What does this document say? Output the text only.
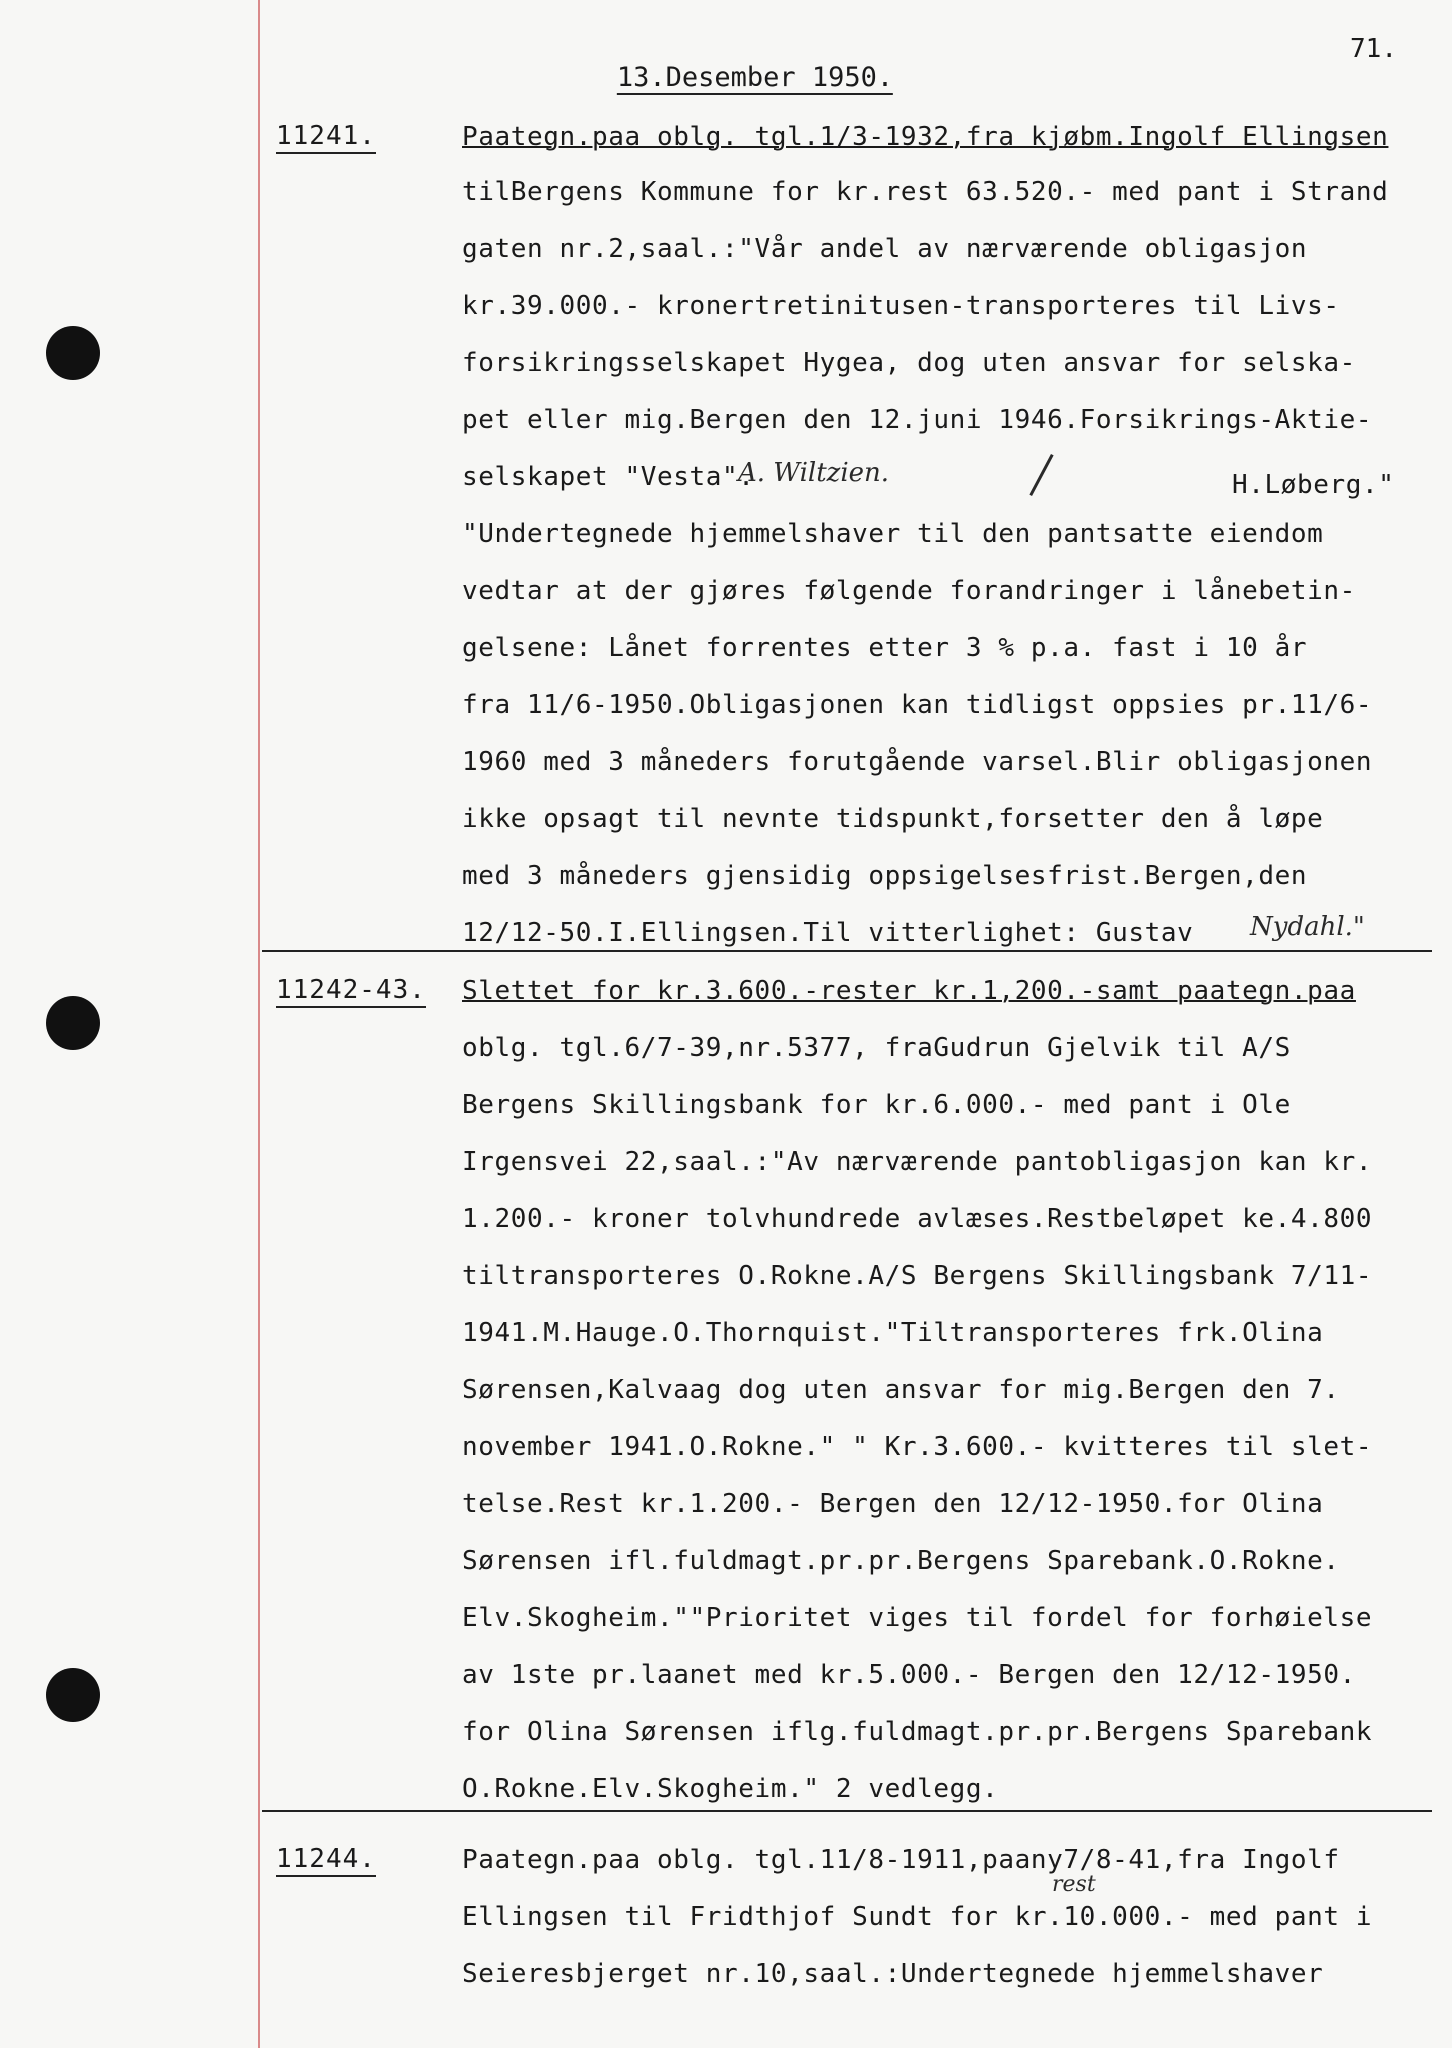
71.
13.Desember 1950.
11241.	Paategn.paa oblg. tgl.1/3-1932,fra kjøbm.Ingolf Ellingsen
tilBergens Kommune for kr.rest 63.520.- med pant i Strand
gaten nr.2,saal.:"Vår andel av nærværende obligasjon
kr.39.000.- kronertretinitusen-transporteres til Livs-
forsikringsselskapet Hygea, dog uten ansvar for selska-
pet eller mig.Bergen den 12.juni 1946.Forsikrings-Aktie-
selskapet "Vesta".
A. Wiltzien.	H.Løberg."
"Undertegnede hjemmelshaver til den pantsatte eiendom
vedtar at der gjøres følgende forandringer i lånebetin-
gelsene: Lånet forrentes etter 3 % p.a. fast i 10 år
fra 11/6-1950.Obligasjonen kan tidligst oppsies pr.11/6-
1960 med 3 måneders forutgående varsel.Blir obligasjonen
ikke opsagt til nevnte tidspunkt,forsetter den å løpe
med 3 måneders gjensidig oppsigelsesfrist.Bergen,den
12/12-50.I.Ellingsen.Til vitterlighet: Gustav Nydahl."
11242-43. Slettet for kr.3.600.-rester kr.1,200.-samt paategn.paa
oblg. tgl.6/7-39,nr.5377, fraGudrun Gjelvik til A/S
Bergens Skillingsbank for kr.6.000.- med pant i Ole
Irgensvei 22,saal.:"Av nærværende pantobligasjon kan kr.
1.200.- kroner tolvhundrede avlæses.Restbeløpet ke.4.800
tiltransporteres O.Rokne.A/S Bergens Skillingsbank 7/11-
1941.M.Hauge.O.Thornquist."Tiltransporteres frk.Olina
Sørensen,Kalvaag dog uten ansvar for mig.Bergen den 7.
november 1941.O.Rokne." " Kr.3.600.- kvitteres til slet-
telse.Rest kr.1.200.- Bergen den 12/12-1950.for Olina
Sørensen ifl.fuldmagt.pr.pr.Bergens Sparebank.O.Rokne.
Elv.Skogheim.""Prioritet viges til fordel for forhøielse
av 1ste pr.laanet med kr.5.000.- Bergen den 12/12-1950.
for Olina Sørensen iflg.fuldmagt.pr.pr.Bergens Sparebank
O.Rokne.Elv.Skogheim." 2 vedlegg.
11244.	Paategn.paa oblg. tgl.11/8-1911,paany7/8-41,fra Ingolf
rest
Ellingsen til Fridthjof Sundt for kr.10.000.- med pant i
Seieresbjerget nr.10,saal.:Undertegnede hjemmelshaver
